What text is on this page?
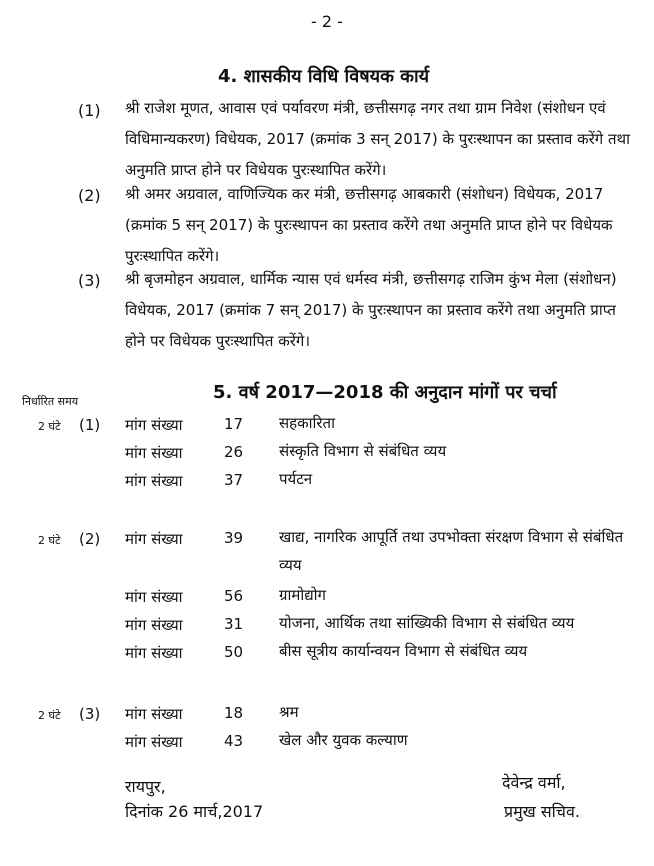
- 2 -
4. शासकीय विधि विषयक कार्य
(1) श्री राजेश मूणत, आवास एवं पर्यावरण मंत्री, छत्तीसगढ़ नगर तथा ग्राम निवेश (संशोधन एवं विधिमान्यकरण) विधेयक, 2017 (क्रमांक 3 सन् 2017) के पुरःस्थापन का प्रस्ताव करेंगे तथा अनुमति प्राप्त होने पर विधेयक पुरःस्थापित करेंगे।
(2) श्री अमर अग्रवाल, वाणिज्यिक कर मंत्री, छत्तीसगढ़ आबकारी (संशोधन) विधेयक, 2017 (क्रमांक 5 सन् 2017) के पुरःस्थापन का प्रस्ताव करेंगे तथा अनुमति प्राप्त होने पर विधेयक पुरःस्थापित करेंगे।
(3) श्री बृजमोहन अग्रवाल, धार्मिक न्यास एवं धर्मस्व मंत्री, छत्तीसगढ़ राजिम कुंभ मेला (संशोधन) विधेयक, 2017 (क्रमांक 7 सन् 2017) के पुरःस्थापन का प्रस्ताव करेंगे तथा अनुमति प्राप्त होने पर विधेयक पुरःस्थापित करेंगे।
निर्धारित समय	5. वर्ष 2017—2018 की अनुदान मांगों पर चर्चा
2 घंटे (1) मांग संख्या	17	सहकारिता
मांग संख्या	26	संस्कृति विभाग से संबंधित व्यय
मांग संख्या	37	पर्यटन
2 घंटे (2) मांग संख्या	39	खाद्य, नागरिक आपूर्ति तथा उपभोक्ता संरक्षण विभाग से संबंधित व्यय
मांग संख्या	56	ग्रामोद्योग
मांग संख्या	31	योजना, आर्थिक तथा सांख्यिकी विभाग से संबंधित व्यय
मांग संख्या	50	बीस सूत्रीय कार्यान्वयन विभाग से संबंधित व्यय
2 घंटे (3) मांग संख्या	18	श्रम
मांग संख्या	43	खेल और युवक कल्याण
रायपुर,
दिनांक 26 मार्च,2017
देवेन्द्र वर्मा,
प्रमुख सचिव.
